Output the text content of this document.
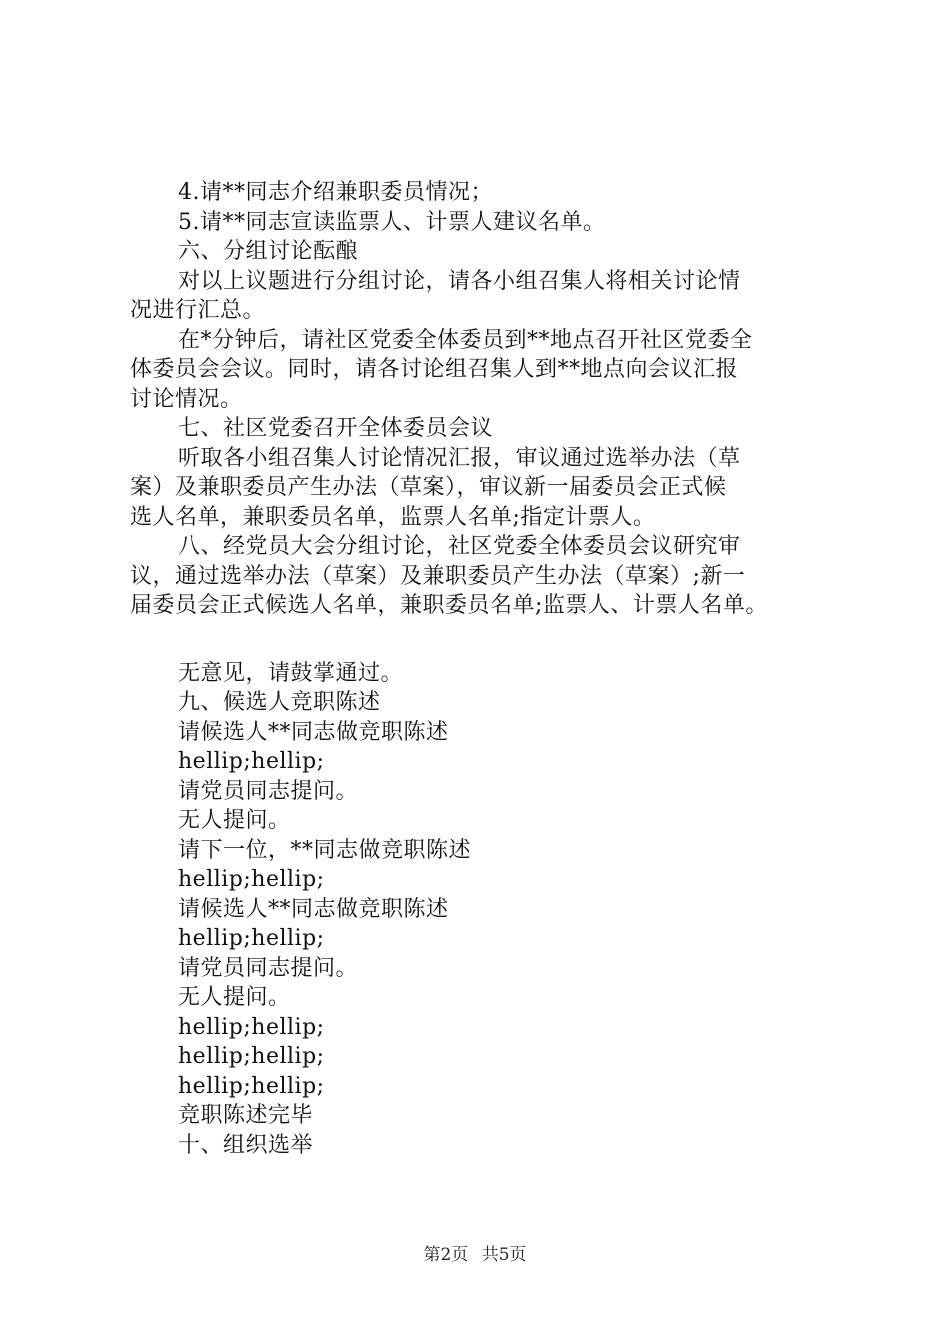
4.请**同志介绍兼职委员情况；
5.请**同志宣读监票人、计票人建议名单。
六、分组讨论酝酿
对以上议题进行分组讨论，请各小组召集人将相关讨论情
况进行汇总。
在*分钟后，请社区党委全体委员到**地点召开社区党委全
体委员会会议。同时，请各讨论组召集人到**地点向会议汇报
讨论情况。
七、社区党委召开全体委员会议
听取各小组召集人讨论情况汇报，审议通过选举办法（草
案）及兼职委员产生办法（草案），审议新一届委员会正式候
选人名单，兼职委员名单，监票人名单;指定计票人。
八、经党员大会分组讨论，社区党委全体委员会议研究审
议，通过选举办法（草案）及兼职委员产生办法（草案）;新一
届委员会正式候选人名单，兼职委员名单;监票人、计票人名单。
无意见，请鼓掌通过。
九、候选人竞职陈述
请候选人**同志做竞职陈述
hellip;hellip;
请党员同志提问。
无人提问。
请下一位，**同志做竞职陈述
hellip;hellip;
请候选人**同志做竞职陈述
hellip;hellip;
请党员同志提问。
无人提问。
hellip;hellip;
hellip;hellip;
hellip;hellip;
竞职陈述完毕
十、组织选举
第2页 共5页
